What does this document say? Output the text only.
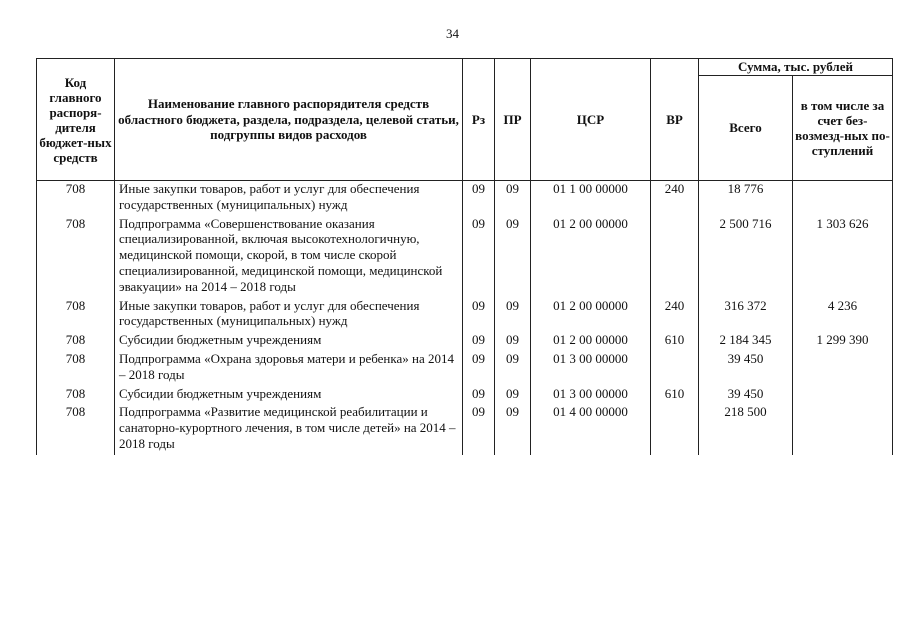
34
Код главного распоря-дителя бюджет-ных средств	Наименование главного распорядителя средств областного бюджета, раздела, подраздела, целевой статьи, подгруппы видов расходов	Рз	ПР	ЦСР	ВР	Сумма, тыс. рублей	
						Всего	в том числе за счет без-возмезд-ных по-ступлений
708	Иные закупки товаров, работ и услуг для обеспечения государственных (муниципальных) нужд	09	09	01 1 00 00000	240	18 776	
708	Подпрограмма «Совершенствование оказания специализированной, включая высокотехнологичную, медицинской помощи, скорой, в том числе скорой специализированной, медицинской помощи, медицинской эвакуации» на 2014 – 2018 годы	09	09	01 2 00 00000		2 500 716	1 303 626
708	Иные закупки товаров, работ и услуг для обеспечения государственных (муниципальных) нужд	09	09	01 2 00 00000	240	316 372	4 236
708	Субсидии бюджетным учреждениям	09	09	01 2 00 00000	610	2 184 345	1 299 390
708	Подпрограмма «Охрана здоровья матери и ребенка» на 2014 – 2018 годы	09	09	01 3 00 00000		39 450	
708	Субсидии бюджетным учреждениям	09	09	01 3 00 00000	610	39 450	
708	Подпрограмма «Развитие медицинской реабилитации и санаторно-курортного лечения, в том числе детей» на 2014 – 2018 годы	09	09	01 4 00 00000		218 500	
